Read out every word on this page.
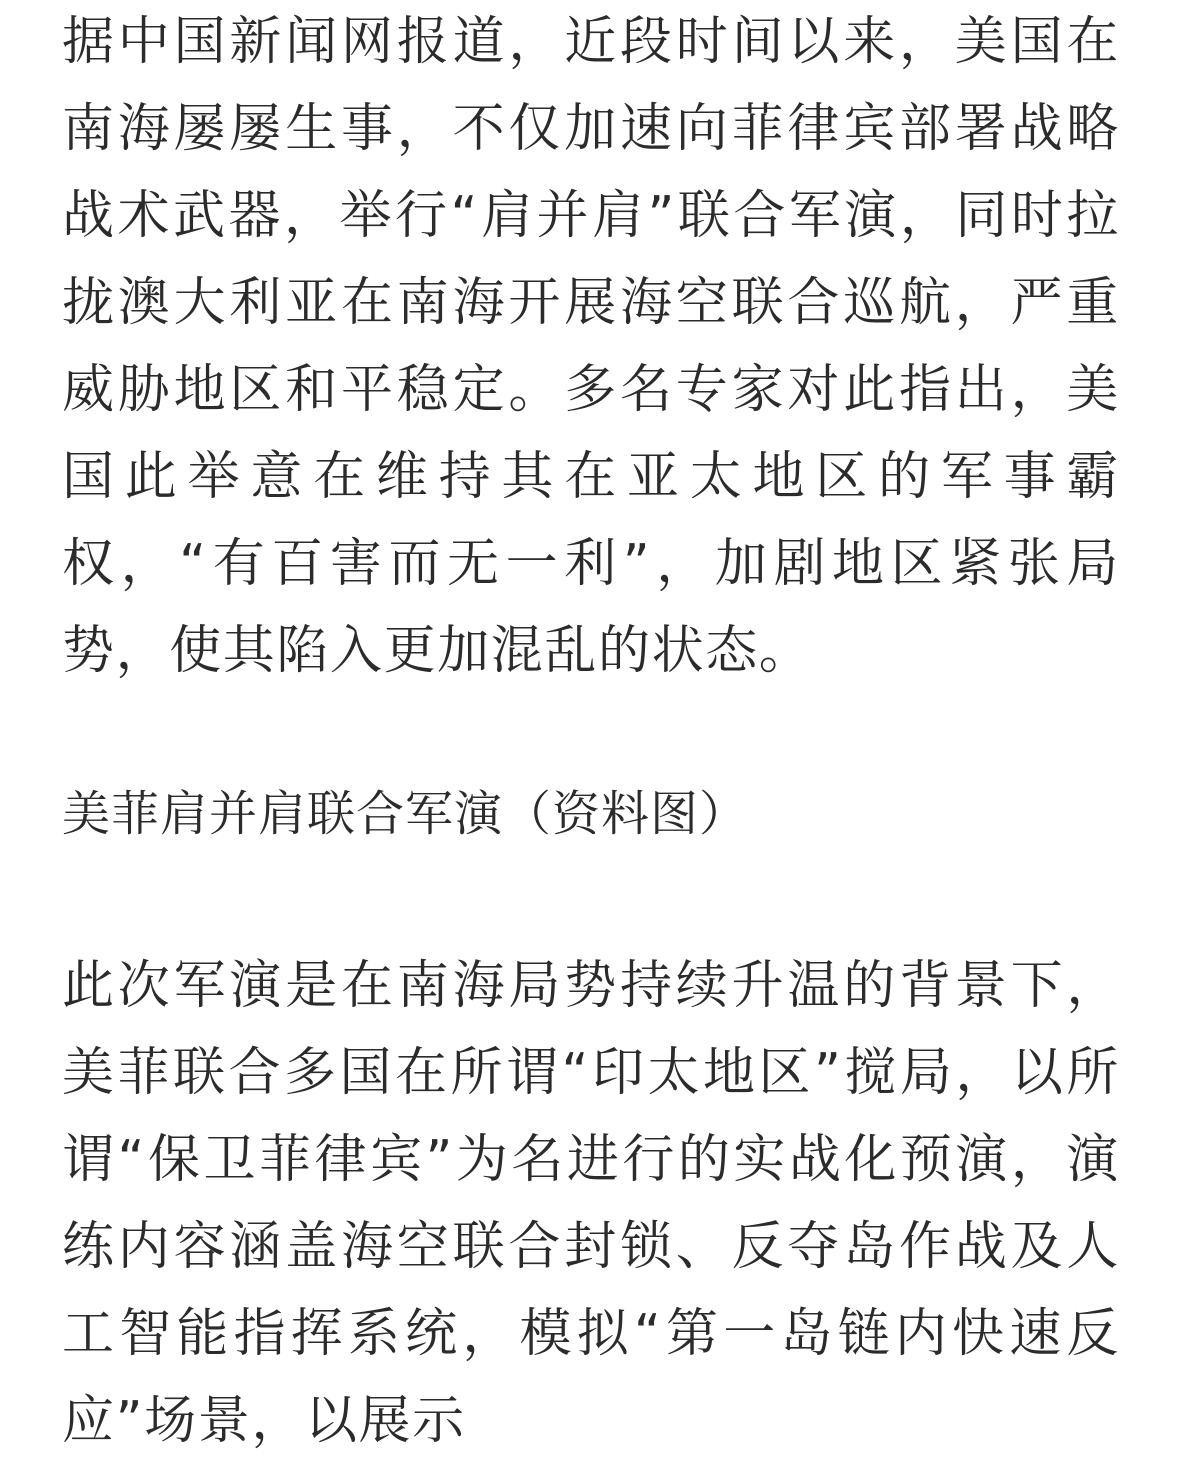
据中国新闻网报道，近段时间以来，美国在南海屡屡生事，不仅加速向菲律宾部署战略战术武器，举行“肩并肩”联合军演，同时拉拢澳大利亚在南海开展海空联合巡航，严重威胁地区和平稳定。多名专家对此指出，美国此举意在维持其在亚太地区的军事霸权，“有百害而无一利”，加剧地区紧张局势，使其陷入更加混乱的状态。

美菲肩并肩联合军演（资料图）

此次军演是在南海局势持续升温的背景下，美菲联合多国在所谓“印太地区”搅局，以所谓“保卫菲律宾”为名进行的实战化预演，演练内容涵盖海空联合封锁、反夺岛作战及人工智能指挥系统，模拟“第一岛链内快速反应”场景，以展示
